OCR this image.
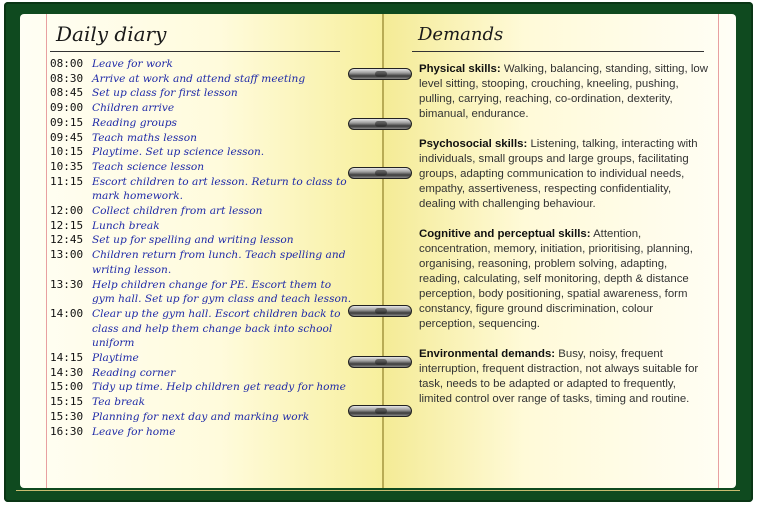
Daily diary	Demands
08:00 Leave for work
08:30 Arrive at work and attend staff meeting
08:45 Set up class for first lesson
09:00 Children arrive
09:15 Reading groups
09:45 Teach maths lesson
10:15 Playtime. Set up science lesson.
10:35 Teach science lesson
11:15 Escort children to art lesson. Return to class to mark homework.
12:00 Collect children from art lesson
12:15 Lunch break
12:45 Set up for spelling and writing lesson
13:00 Children return from lunch. Teach spelling and writing lesson.
13:30 Help children change for PE. Escort them to gym hall. Set up for gym class and teach lesson.
14:00 Clear up the gym hall. Escort children back to class and help them change back into school uniform
14:15 Playtime
14:30 Reading corner
15:00 Tidy up time. Help children get ready for home
15:15 Tea break
15:30 Planning for next day and marking work
16:30 Leave for home

Physical skills: Walking, balancing, standing, sitting, low level sitting, stooping, crouching, kneeling, pushing, pulling, carrying, reaching, co-ordination, dexterity, bimanual, endurance.

Psychosocial skills: Listening, talking, interacting with individuals, small groups and large groups, facilitating groups, adapting communication to individual needs, empathy, assertiveness, respecting confidentiality, dealing with challenging behaviour.

Cognitive and perceptual skills: Attention, concentration, memory, initiation, prioritising, planning, organising, reasoning, problem solving, adapting, reading, calculating, self monitoring, depth & distance perception, body positioning, spatial awareness, form constancy, figure ground discrimination, colour perception, sequencing.

Environmental demands: Busy, noisy, frequent interruption, frequent distraction, not always suitable for task, needs to be adapted or adapted to frequently, limited control over range of tasks, timing and routine.
